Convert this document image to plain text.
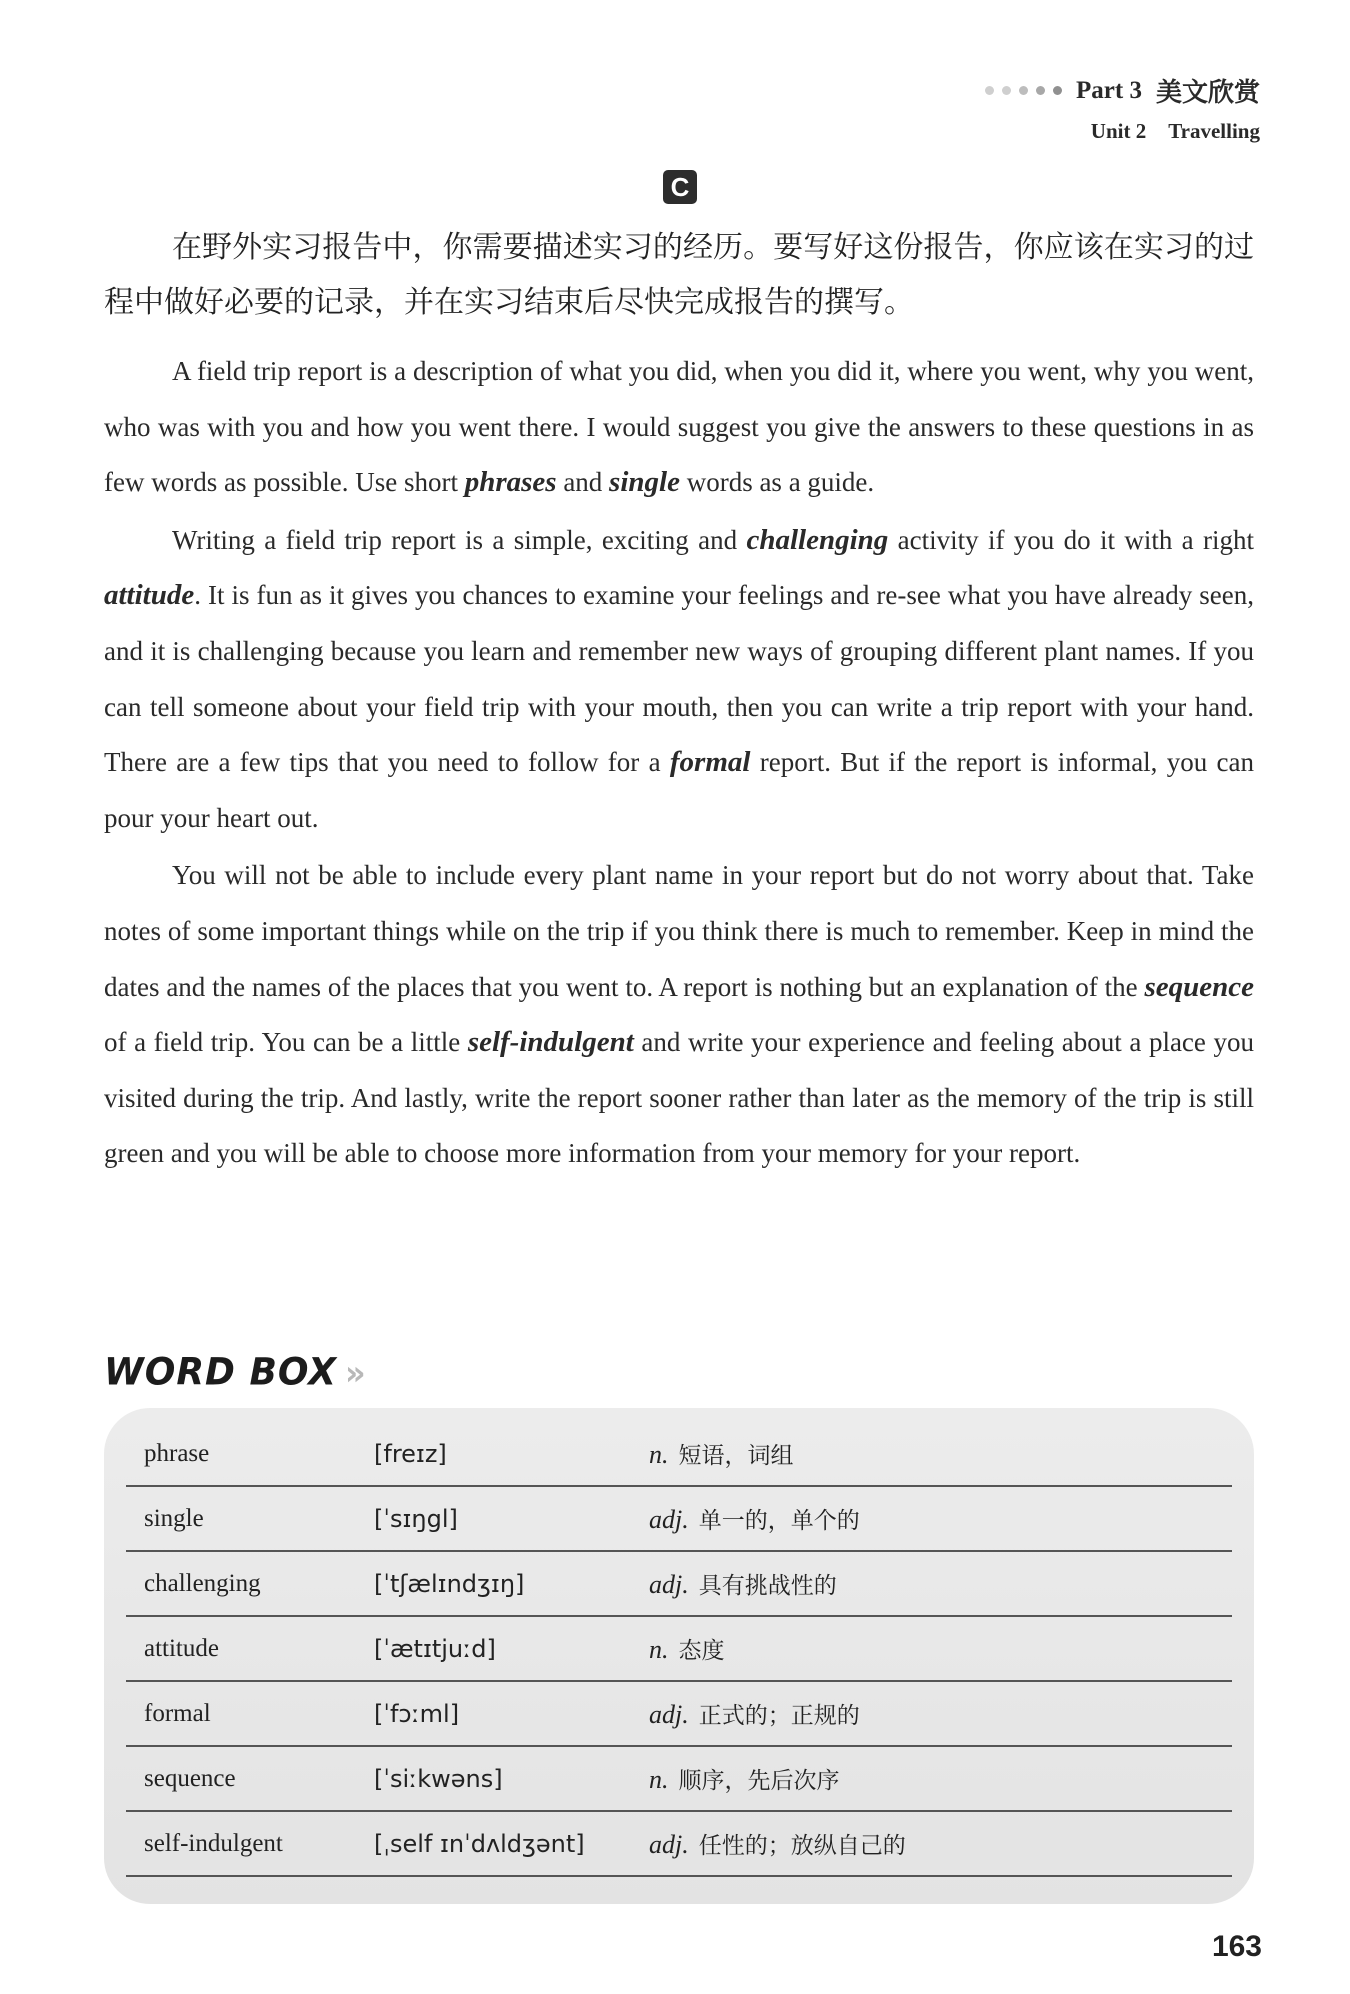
Part 3 美文欣赏
Unit 2 Travelling
C

在野外实习报告中，你需要描述实习的经历。要写好这份报告，你应该在实习的过程中做好必要的记录，并在实习结束后尽快完成报告的撰写。

A field trip report is a description of what you did, when you did it, where you went, why you went, who was with you and how you went there. I would suggest you give the answers to these questions in as few words as possible. Use short phrases and single words as a guide.

Writing a field trip report is a simple, exciting and challenging activity if you do it with a right attitude. It is fun as it gives you chances to examine your feelings and re-see what you have already seen, and it is challenging because you learn and remember new ways of grouping different plant names. If you can tell someone about your field trip with your mouth, then you can write a trip report with your hand. There are a few tips that you need to follow for a formal report. But if the report is informal, you can pour your heart out.

You will not be able to include every plant name in your report but do not worry about that. Take notes of some important things while on the trip if you think there is much to remember. Keep in mind the dates and the names of the places that you went to. A report is nothing but an explanation of the sequence of a field trip. You can be a little self-indulgent and write your experience and feeling about a place you visited during the trip. And lastly, write the report sooner rather than later as the memory of the trip is still green and you will be able to choose more information from your memory for your report.

WORD BOX »
phrase	[freɪz]	n. 短语，词组
single	[ˈsɪŋgl]	adj. 单一的，单个的
challenging	[ˈtʃælɪndʒɪŋ]	adj. 具有挑战性的
attitude	[ˈætɪtjuːd]	n. 态度
formal	[ˈfɔːml]	adj. 正式的；正规的
sequence	[ˈsiːkwəns]	n. 顺序，先后次序
self-indulgent	[ˌself ɪnˈdʌldʒənt]	adj. 任性的；放纵自己的
163
